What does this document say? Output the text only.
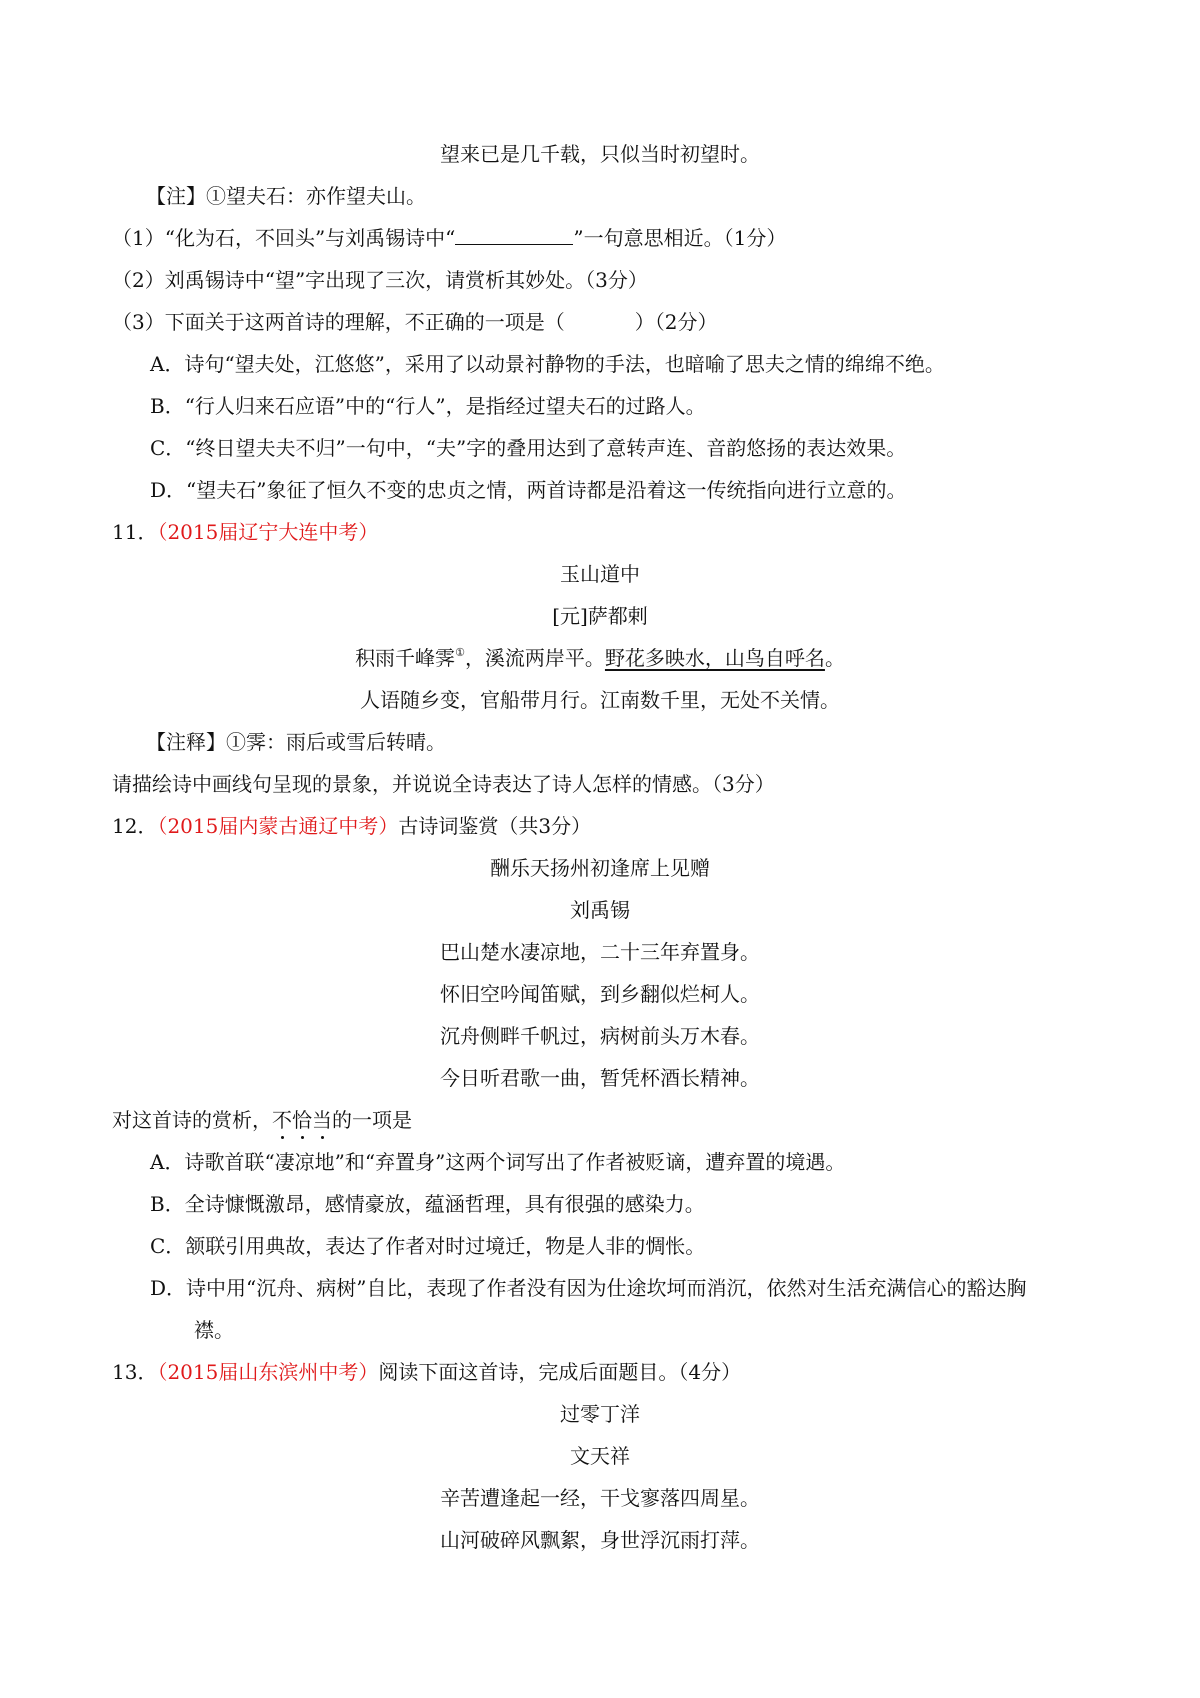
望来已是几千载，只似当时初望时。
【注】①望夫石：亦作望夫山。
（1）“化为石，不回头”与刘禹锡诗中“	”一句意思相近。（1分）
（2）刘禹锡诗中“望”字出现了三次，请赏析其妙处。（3分）
（3）下面关于这两首诗的理解，不正确的一项是（	）（2分）
A．诗句“望夫处，江悠悠”，采用了以动景衬静物的手法，也暗喻了思夫之情的绵绵不绝。
B．“行人归来石应语”中的“行人”，是指经过望夫石的过路人。
C．“终日望夫夫不归”一句中，“夫”字的叠用达到了意转声连、音韵悠扬的表达效果。
D．“望夫石”象征了恒久不变的忠贞之情，两首诗都是沿着这一传统指向进行立意的。
11．（2015届辽宁大连中考）
玉山道中
[元]萨都剌
积雨千峰霁①，溪流两岸平。野花多映水，山鸟自呼名。
人语随乡变，官船带月行。江南数千里，无处不关情。
【注释】①霁：雨后或雪后转晴。
请描绘诗中画线句呈现的景象，并说说全诗表达了诗人怎样的情感。（3分）
12．（2015届内蒙古通辽中考）古诗词鉴赏（共3分）
酬乐天扬州初逢席上见赠
刘禹锡
巴山楚水凄凉地，二十三年弃置身。
怀旧空吟闻笛赋，到乡翻似烂柯人。
沉舟侧畔千帆过，病树前头万木春。
今日听君歌一曲，暂凭杯酒长精神。
对这首诗的赏析，不恰当的一项是
A．诗歌首联“凄凉地”和“弃置身”这两个词写出了作者被贬谪，遭弃置的境遇。
B．全诗慷慨激昂，感情豪放，蕴涵哲理，具有很强的感染力。
C．颔联引用典故，表达了作者对时过境迁，物是人非的惆怅。
D．诗中用“沉舟、病树”自比，表现了作者没有因为仕途坎坷而消沉，依然对生活充满信心的豁达胸
襟。
13．（2015届山东滨州中考）阅读下面这首诗，完成后面题目。（4分）
过零丁洋
文天祥
辛苦遭逢起一经，干戈寥落四周星。
山河破碎风飘絮，身世浮沉雨打萍。
